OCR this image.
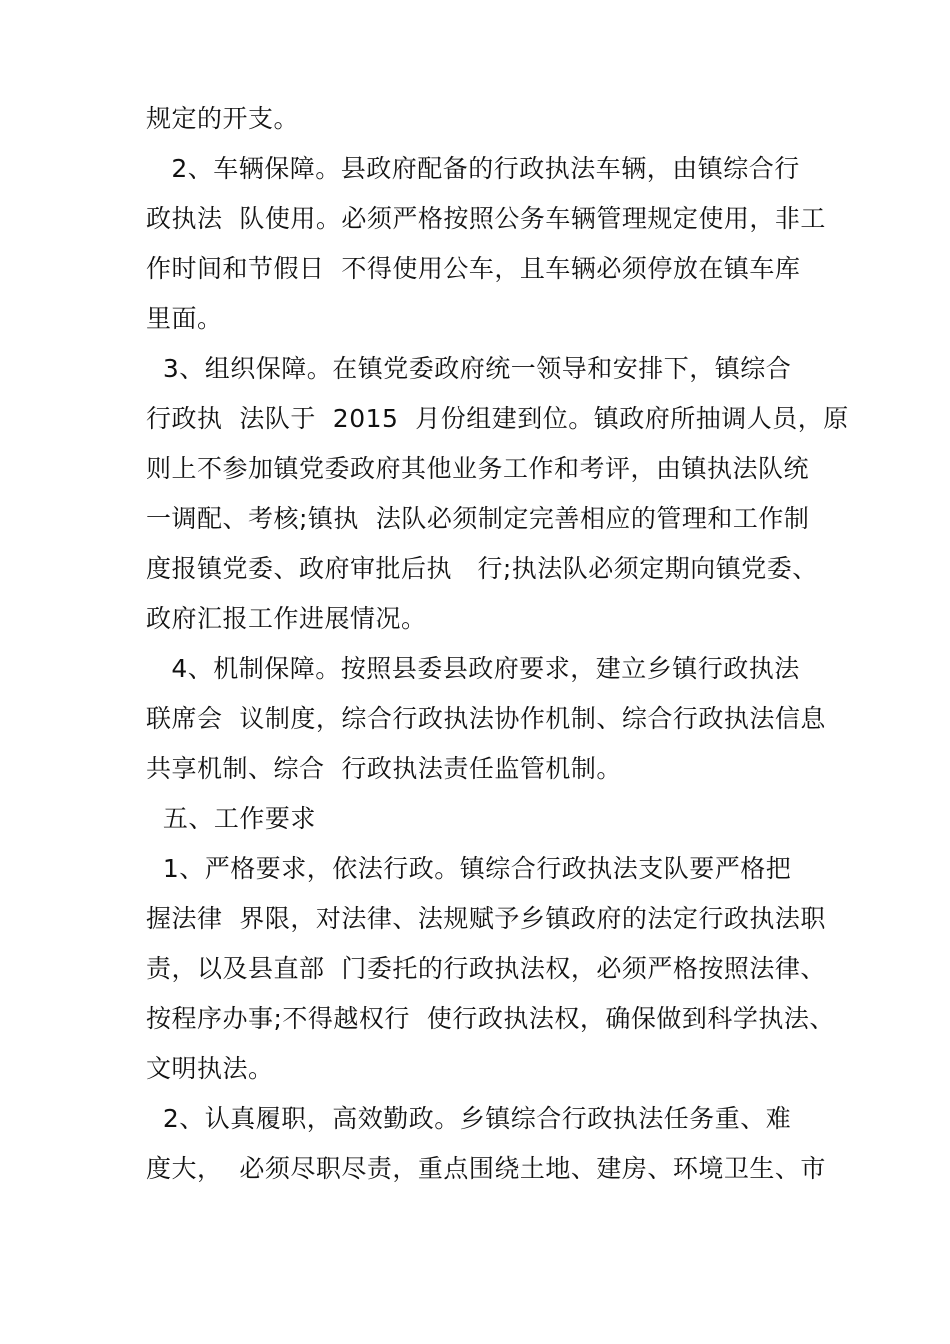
规定的开支。
2、车辆保障。县政府配备的行政执法车辆，由镇综合行
政执法  队使用。必须严格按照公务车辆管理规定使用，非工
作时间和节假日  不得使用公车，且车辆必须停放在镇车库
里面。
3、组织保障。在镇党委政府统一领导和安排下，镇综合
行政执  法队于  2015  月份组建到位。镇政府所抽调人员，原
则上不参加镇党委政府其他业务工作和考评，由镇执法队统
一调配、考核;镇执  法队必须制定完善相应的管理和工作制
度报镇党委、政府审批后执   行;执法队必须定期向镇党委、
政府汇报工作进展情况。
4、机制保障。按照县委县政府要求，建立乡镇行政执法
联席会  议制度，综合行政执法协作机制、综合行政执法信息
共享机制、综合  行政执法责任监管机制。
五、工作要求
1、严格要求，依法行政。镇综合行政执法支队要严格把
握法律  界限，对法律、法规赋予乡镇政府的法定行政执法职
责，以及县直部  门委托的行政执法权，必须严格按照法律、
按程序办事;不得越权行  使行政执法权，确保做到科学执法、
文明执法。
2、认真履职，高效勤政。乡镇综合行政执法任务重、难
度大，  必须尽职尽责，重点围绕土地、建房、环境卫生、市
